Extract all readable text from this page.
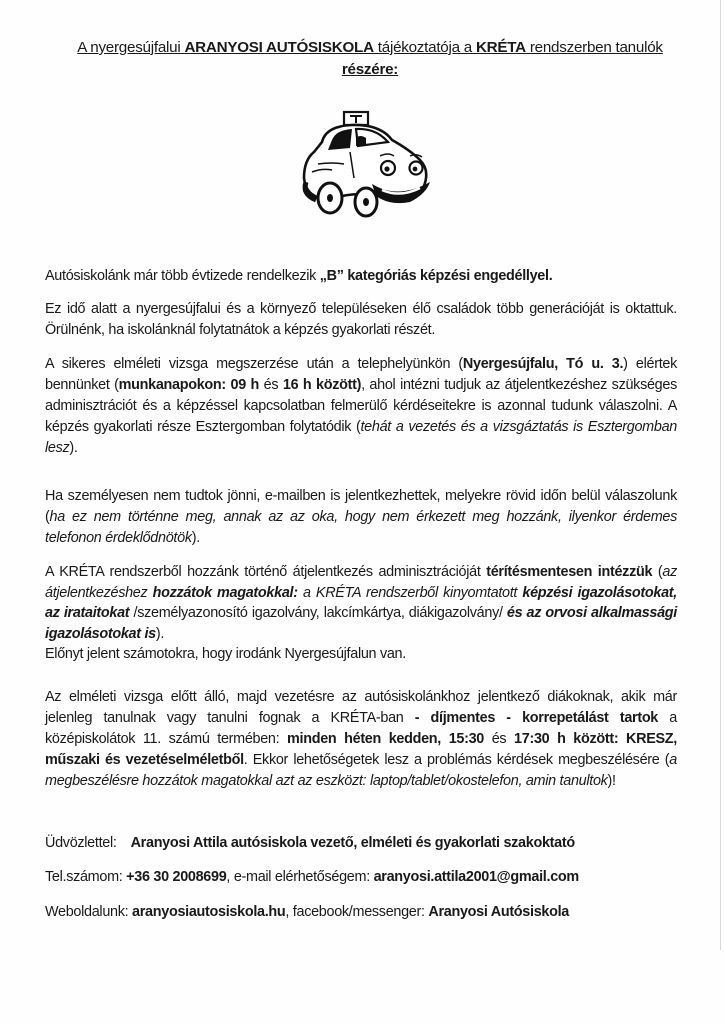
A nyergesújfalui ARANYOSI AUTÓSISKOLA tájékoztatója a KRÉTA rendszerben tanulók
részére:

Autósiskolánk már több évtizede rendelkezik „B” kategóriás képzési engedéllyel.

Ez idő alatt a nyergesújfalui és a környező településeken élő családok több generációját is oktattuk. Örülnénk, ha iskolánknál folytatnátok a képzés gyakorlati részét.

A sikeres elméleti vizsga megszerzése után a telephelyünkön (Nyergesújfalu, Tó u. 3.) elértek bennünket (munkanapokon: 09 h és 16 h között), ahol intézni tudjuk az átjelentkezéshez szükséges adminisztrációt és a képzéssel kapcsolatban felmerülő kérdéseitekre is azonnal tudunk válaszolni. A képzés gyakorlati része Esztergomban folytatódik (tehát a vezetés és a vizsgáztatás is Esztergomban lesz).

Ha személyesen nem tudtok jönni, e-mailben is jelentkezhettek, melyekre rövid időn belül válaszolunk (ha ez nem történne meg, annak az az oka, hogy nem érkezett meg hozzánk, ilyenkor érdemes telefonon érdeklődnötök).

A KRÉTA rendszerből hozzánk történő átjelentkezés adminisztrációját térítésmentesen intézzük (az átjelentkezéshez hozzátok magatokkal: a KRÉTA rendszerből kinyomtatott képzési igazolásotokat, az irataitokat /személyazonosító igazolvány, lakcímkártya, diákigazolvány/ és az orvosi alkalmassági igazolásotokat is).
Előnyt jelent számotokra, hogy irodánk Nyergesújfalun van.

Az elméleti vizsga előtt álló, majd vezetésre az autósiskolánkhoz jelentkező diákoknak, akik már jelenleg tanulnak vagy tanulni fognak a KRÉTA-ban - díjmentes - korrepetálást tartok a középiskolátok 11. számú termében: minden héten kedden, 15:30 és 17:30 h között: KRESZ, műszaki és vezetéselméletből. Ekkor lehetőségetek lesz a problémás kérdések megbeszélésére (a megbeszélésre hozzátok magatokkal azt az eszközt: laptop/tablet/okostelefon, amin tanultok)!

Üdvözlettel: Aranyosi Attila autósiskola vezető, elméleti és gyakorlati szakoktató
Tel.számom: +36 30 2008699, e-mail elérhetőségem: aranyosi.attila2001@gmail.com
Weboldalunk: aranyosiautosiskola.hu, facebook/messenger: Aranyosi Autósiskola
